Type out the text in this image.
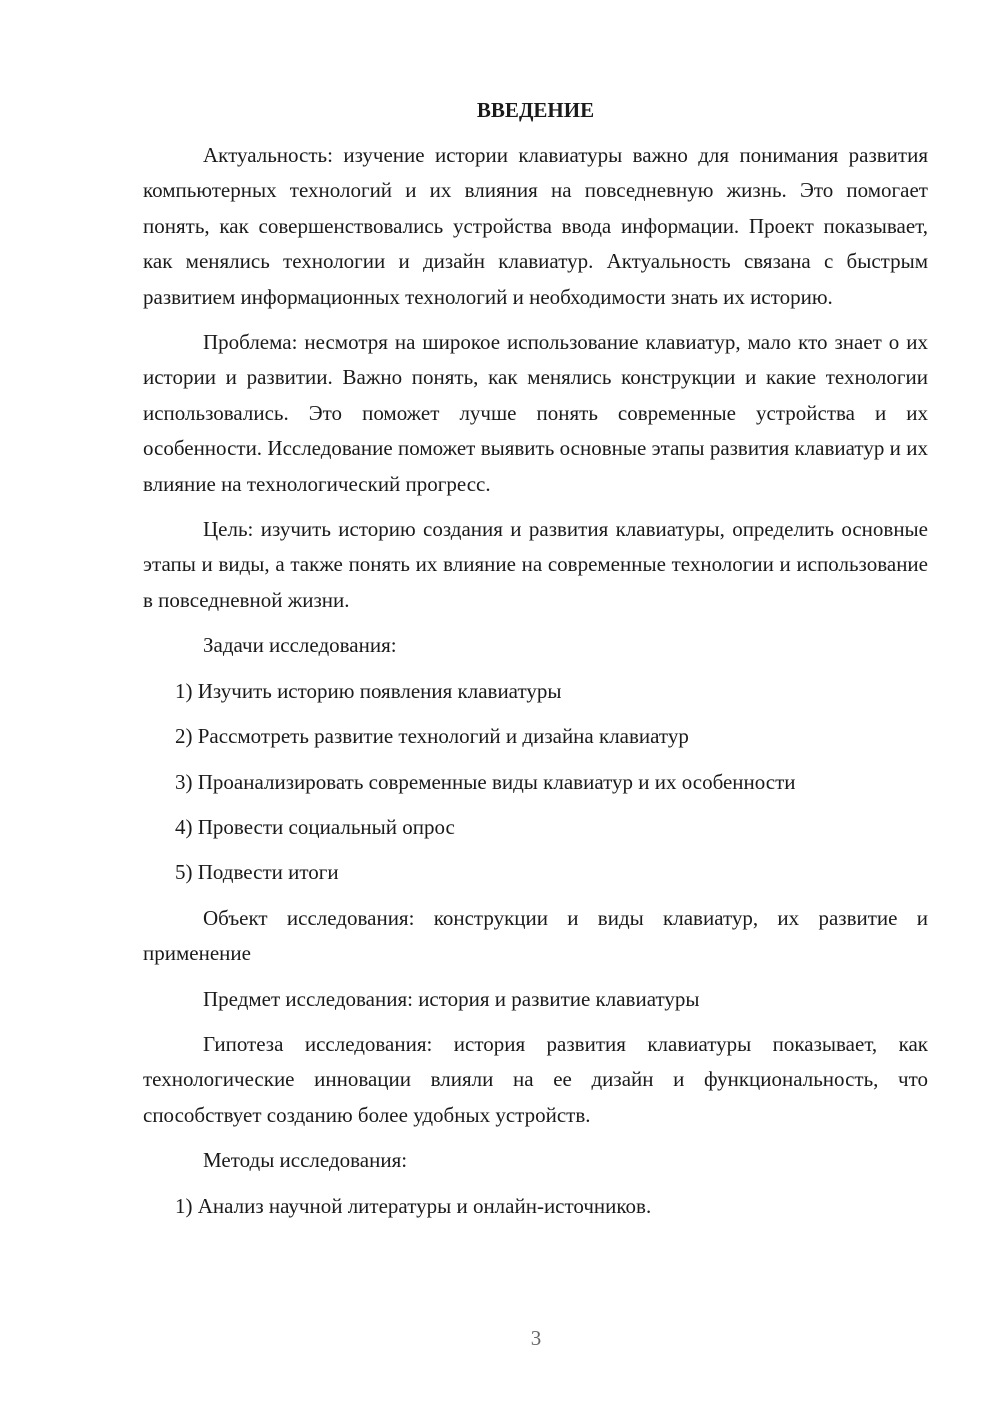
ВВЕДЕНИЕ

Актуальность: изучение истории клавиатуры важно для понимания развития компьютерных технологий и их влияния на повседневную жизнь. Это помогает понять, как совершенствовались устройства ввода информации. Проект показывает, как менялись технологии и дизайн клавиатур. Актуальность связана с быстрым развитием информационных технологий и необходимости знать их историю.

Проблема: несмотря на широкое использование клавиатур, мало кто знает о их истории и развитии. Важно понять, как менялись конструкции и какие технологии использовались. Это поможет лучше понять современные устройства и их особенности. Исследование поможет выявить основные этапы развития клавиатур и их влияние на технологический прогресс.

Цель: изучить историю создания и развития клавиатуры, определить основные этапы и виды, а также понять их влияние на современные технологии и использование в повседневной жизни.

Задачи исследования:

1) Изучить историю появления клавиатуры

2) Рассмотреть развитие технологий и дизайна клавиатур

3) Проанализировать современные виды клавиатур и их особенности

4) Провести социальный опрос

5) Подвести итоги

Объект исследования: конструкции и виды клавиатур, их развитие и применение

Предмет исследования: история и развитие клавиатуры

Гипотеза исследования: история развития клавиатуры показывает, как технологические инновации влияли на ее дизайн и функциональность, что способствует созданию более удобных устройств.

Методы исследования:

1) Анализ научной литературы и онлайн-источников.

3
